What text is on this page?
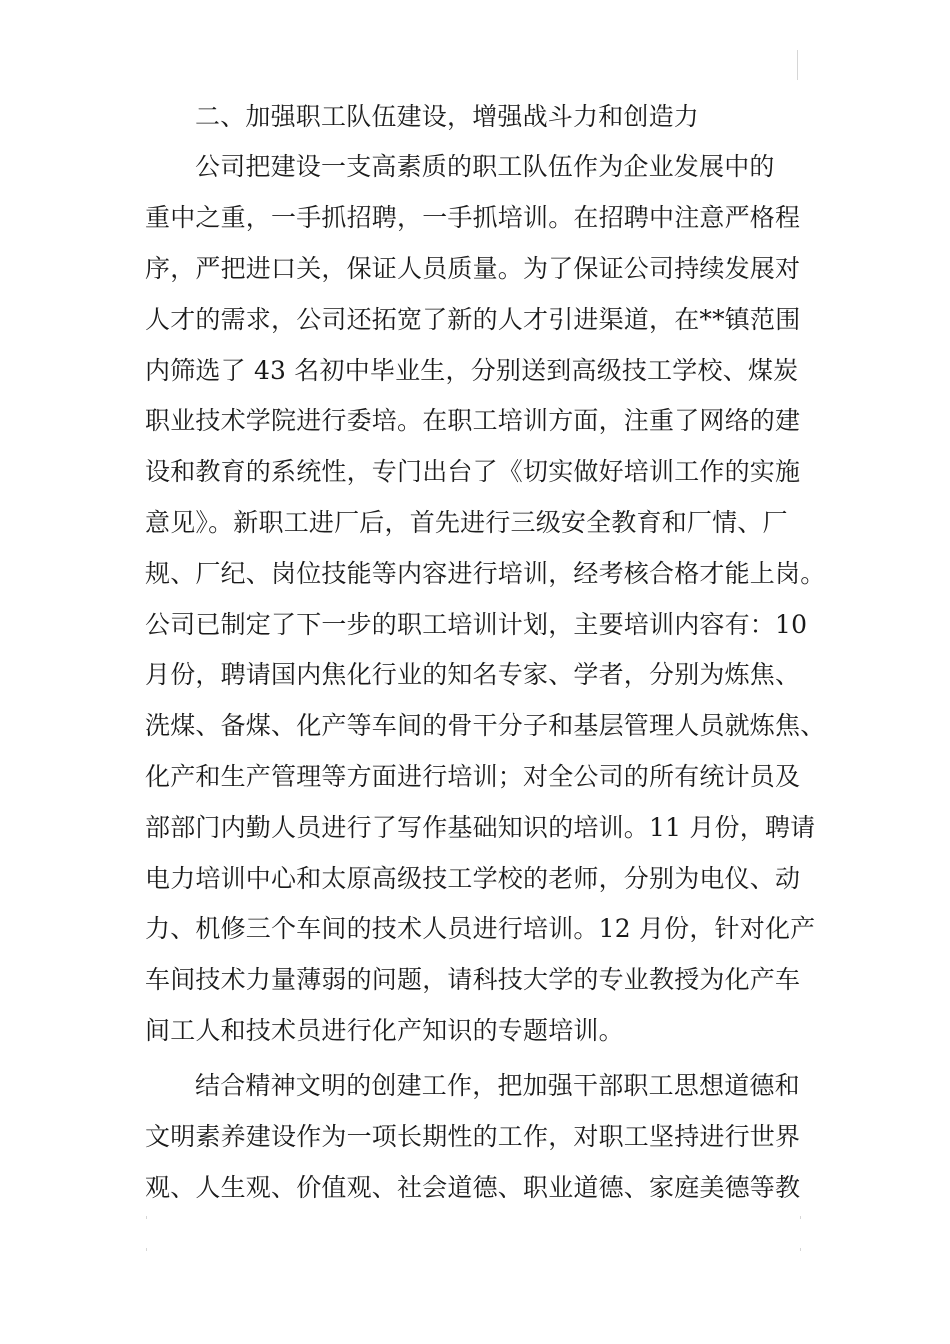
二、加强职工队伍建设，增强战斗力和创造力
公司把建设一支高素质的职工队伍作为企业发展中的
重中之重，一手抓招聘，一手抓培训。在招聘中注意严格程
序，严把进口关，保证人员质量。为了保证公司持续发展对
人才的需求，公司还拓宽了新的人才引进渠道，在**镇范围
内筛选了 43 名初中毕业生，分别送到高级技工学校、煤炭
职业技术学院进行委培。在职工培训方面，注重了网络的建
设和教育的系统性，专门出台了《切实做好培训工作的实施
意见》。新职工进厂后，首先进行三级安全教育和厂情、厂
规、厂纪、岗位技能等内容进行培训，经考核合格才能上岗。
公司已制定了下一步的职工培训计划，主要培训内容有：10
月份，聘请国内焦化行业的知名专家、学者，分别为炼焦、
洗煤、备煤、化产等车间的骨干分子和基层管理人员就炼焦、
化产和生产管理等方面进行培训；对全公司的所有统计员及
部部门内勤人员进行了写作基础知识的培训。11 月份，聘请
电力培训中心和太原高级技工学校的老师，分别为电仪、动
力、机修三个车间的技术人员进行培训。12 月份，针对化产
车间技术力量薄弱的问题，请科技大学的专业教授为化产车
间工人和技术员进行化产知识的专题培训。
结合精神文明的创建工作，把加强干部职工思想道德和
文明素养建设作为一项长期性的工作，对职工坚持进行世界
观、人生观、价值观、社会道德、职业道德、家庭美德等教
